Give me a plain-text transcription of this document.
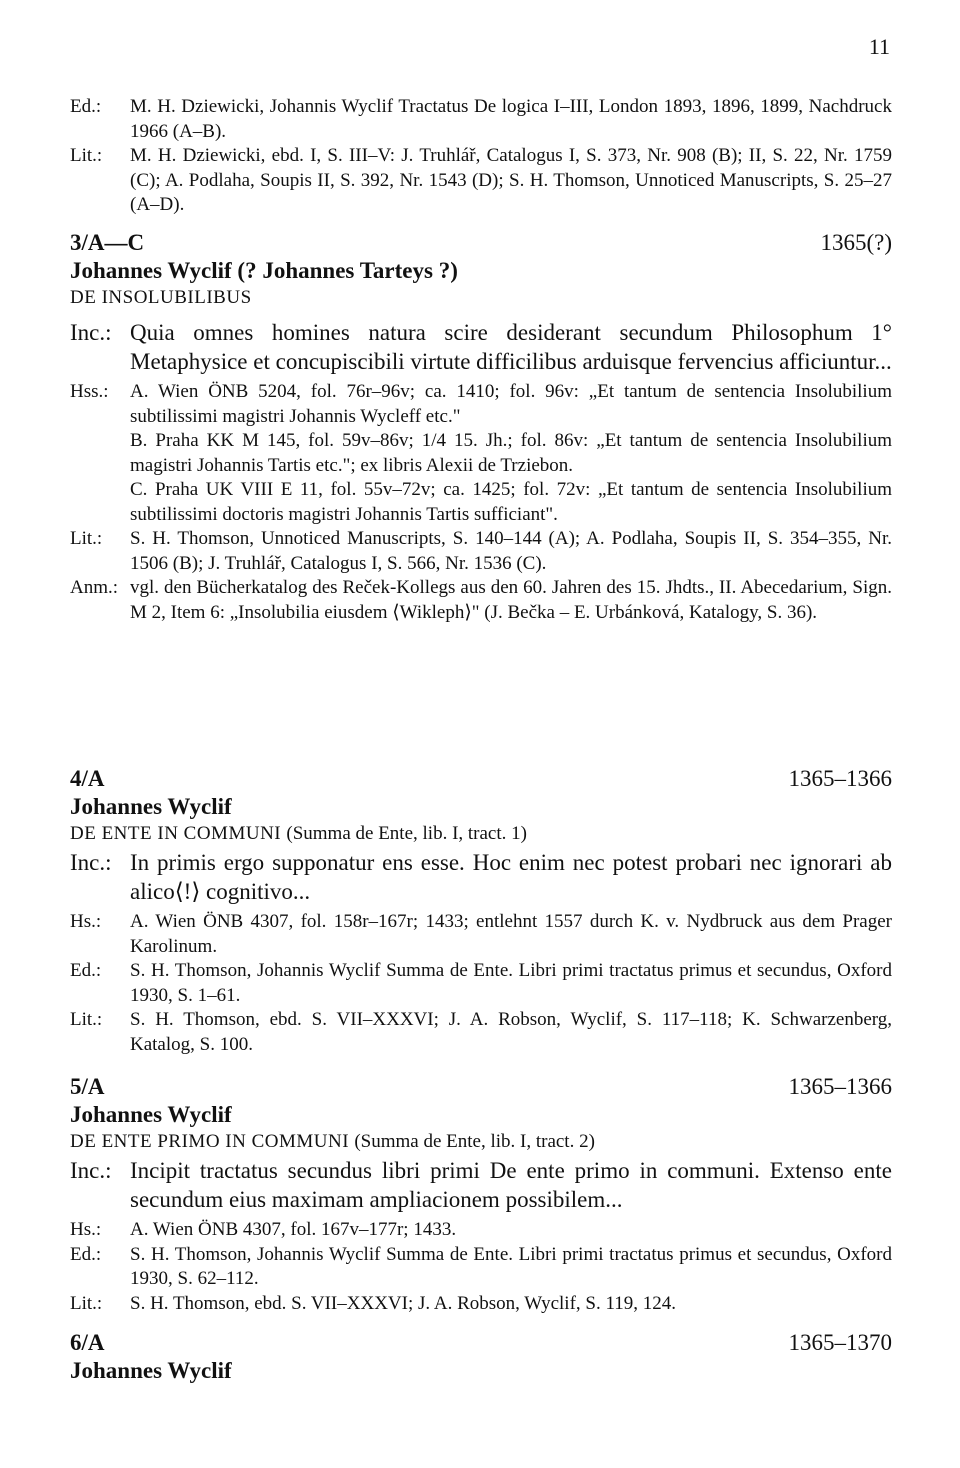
11
Ed.:	M. H. Dziewicki, Johannis Wyclif Tractatus De logica I–III, London 1893, 1896, 1899, Nachdruck 1966 (A–B).

Lit.:	M. H. Dziewicki, ebd. I, S. III–V: J. Truhlář, Catalogus I, S. 373, Nr. 908 (B); II, S. 22, Nr. 1759 (C); A. Podlaha, Soupis II, S. 392, Nr. 1543 (D); S. H. Thomson, Unnoticed Manuscripts, S. 25–27 (A–D).

3/A—C	1365(?)
Johannes Wyclif (? Johannes Tarteys ?)
DE INSOLUBILIBUS
Inc.: Quia omnes homines natura scire desiderant secundum Philosophum 1° Metaphysice et concupiscibili virtute difficilibus arduisque fervencius afficiuntur...

Hss.:	A. Wien ÖNB 5204, fol. 76r–96v; ca. 1410; fol. 96v: „Et tantum de sentencia Insolubilium subtilissimi magistri Johannis Wycleff etc."
B. Praha KK M 145, fol. 59v–86v; 1/4 15. Jh.; fol. 86v: „Et tantum de sentencia Insolubilium magistri Johannis Tartis etc."; ex libris Alexii de Trziebon.
C. Praha UK VIII E 11, fol. 55v–72v; ca. 1425; fol. 72v: „Et tantum de sentencia Insolubilium subtilissimi doctoris magistri Johannis Tartis sufficiant".
Lit.:	S. H. Thomson, Unnoticed Manuscripts, S. 140–144 (A); A. Podlaha, Soupis II, S. 354–355, Nr. 1506 (B); J. Truhlář, Catalogus I, S. 566, Nr. 1536 (C).

Anm.: vgl. den Bücherkatalog des Reček-Kollegs aus den 60. Jahren des 15. Jhdts., II. Abecedarium, Sign. M 2, Item 6: „Insolubilia eiusdem ⟨Wikleph⟩" (J. Bečka – E. Urbánková, Katalogy, S. 36).

4/A	1365–1366
Johannes Wyclif
DE ENTE IN COMMUNI (Summa de Ente, lib. I, tract. 1)
Inc.: In primis ergo supponatur ens esse. Hoc enim nec potest probari nec ignorari ab alico⟨!⟩ cognitivo...

Hs.:	A. Wien ÖNB 4307, fol. 158r–167r; 1433; entlehnt 1557 durch K. v. Nydbruck aus dem Prager Karolinum.

Ed.:	S. H. Thomson, Johannis Wyclif Summa de Ente. Libri primi tractatus primus et secundus, Oxford 1930, S. 1–61.

Lit.:	S. H. Thomson, ebd. S. VII–XXXVI; J. A. Robson, Wyclif, S. 117–118; K. Schwarzenberg, Katalog, S. 100.

5/A	1365–1366
Johannes Wyclif
DE ENTE PRIMO IN COMMUNI (Summa de Ente, lib. I, tract. 2)
Inc.: Incipit tractatus secundus libri primi De ente primo in communi. Extenso ente secundum eius maximam ampliacionem possibilem...

Hs.:	A. Wien ÖNB 4307, fol. 167v–177r; 1433.

Ed.:	S. H. Thomson, Johannis Wyclif Summa de Ente. Libri primi tractatus primus et secundus, Oxford 1930, S. 62–112.

Lit.:	S. H. Thomson, ebd. S. VII–XXXVI; J. A. Robson, Wyclif, S. 119, 124.

6/A	1365–1370
Johannes Wyclif
